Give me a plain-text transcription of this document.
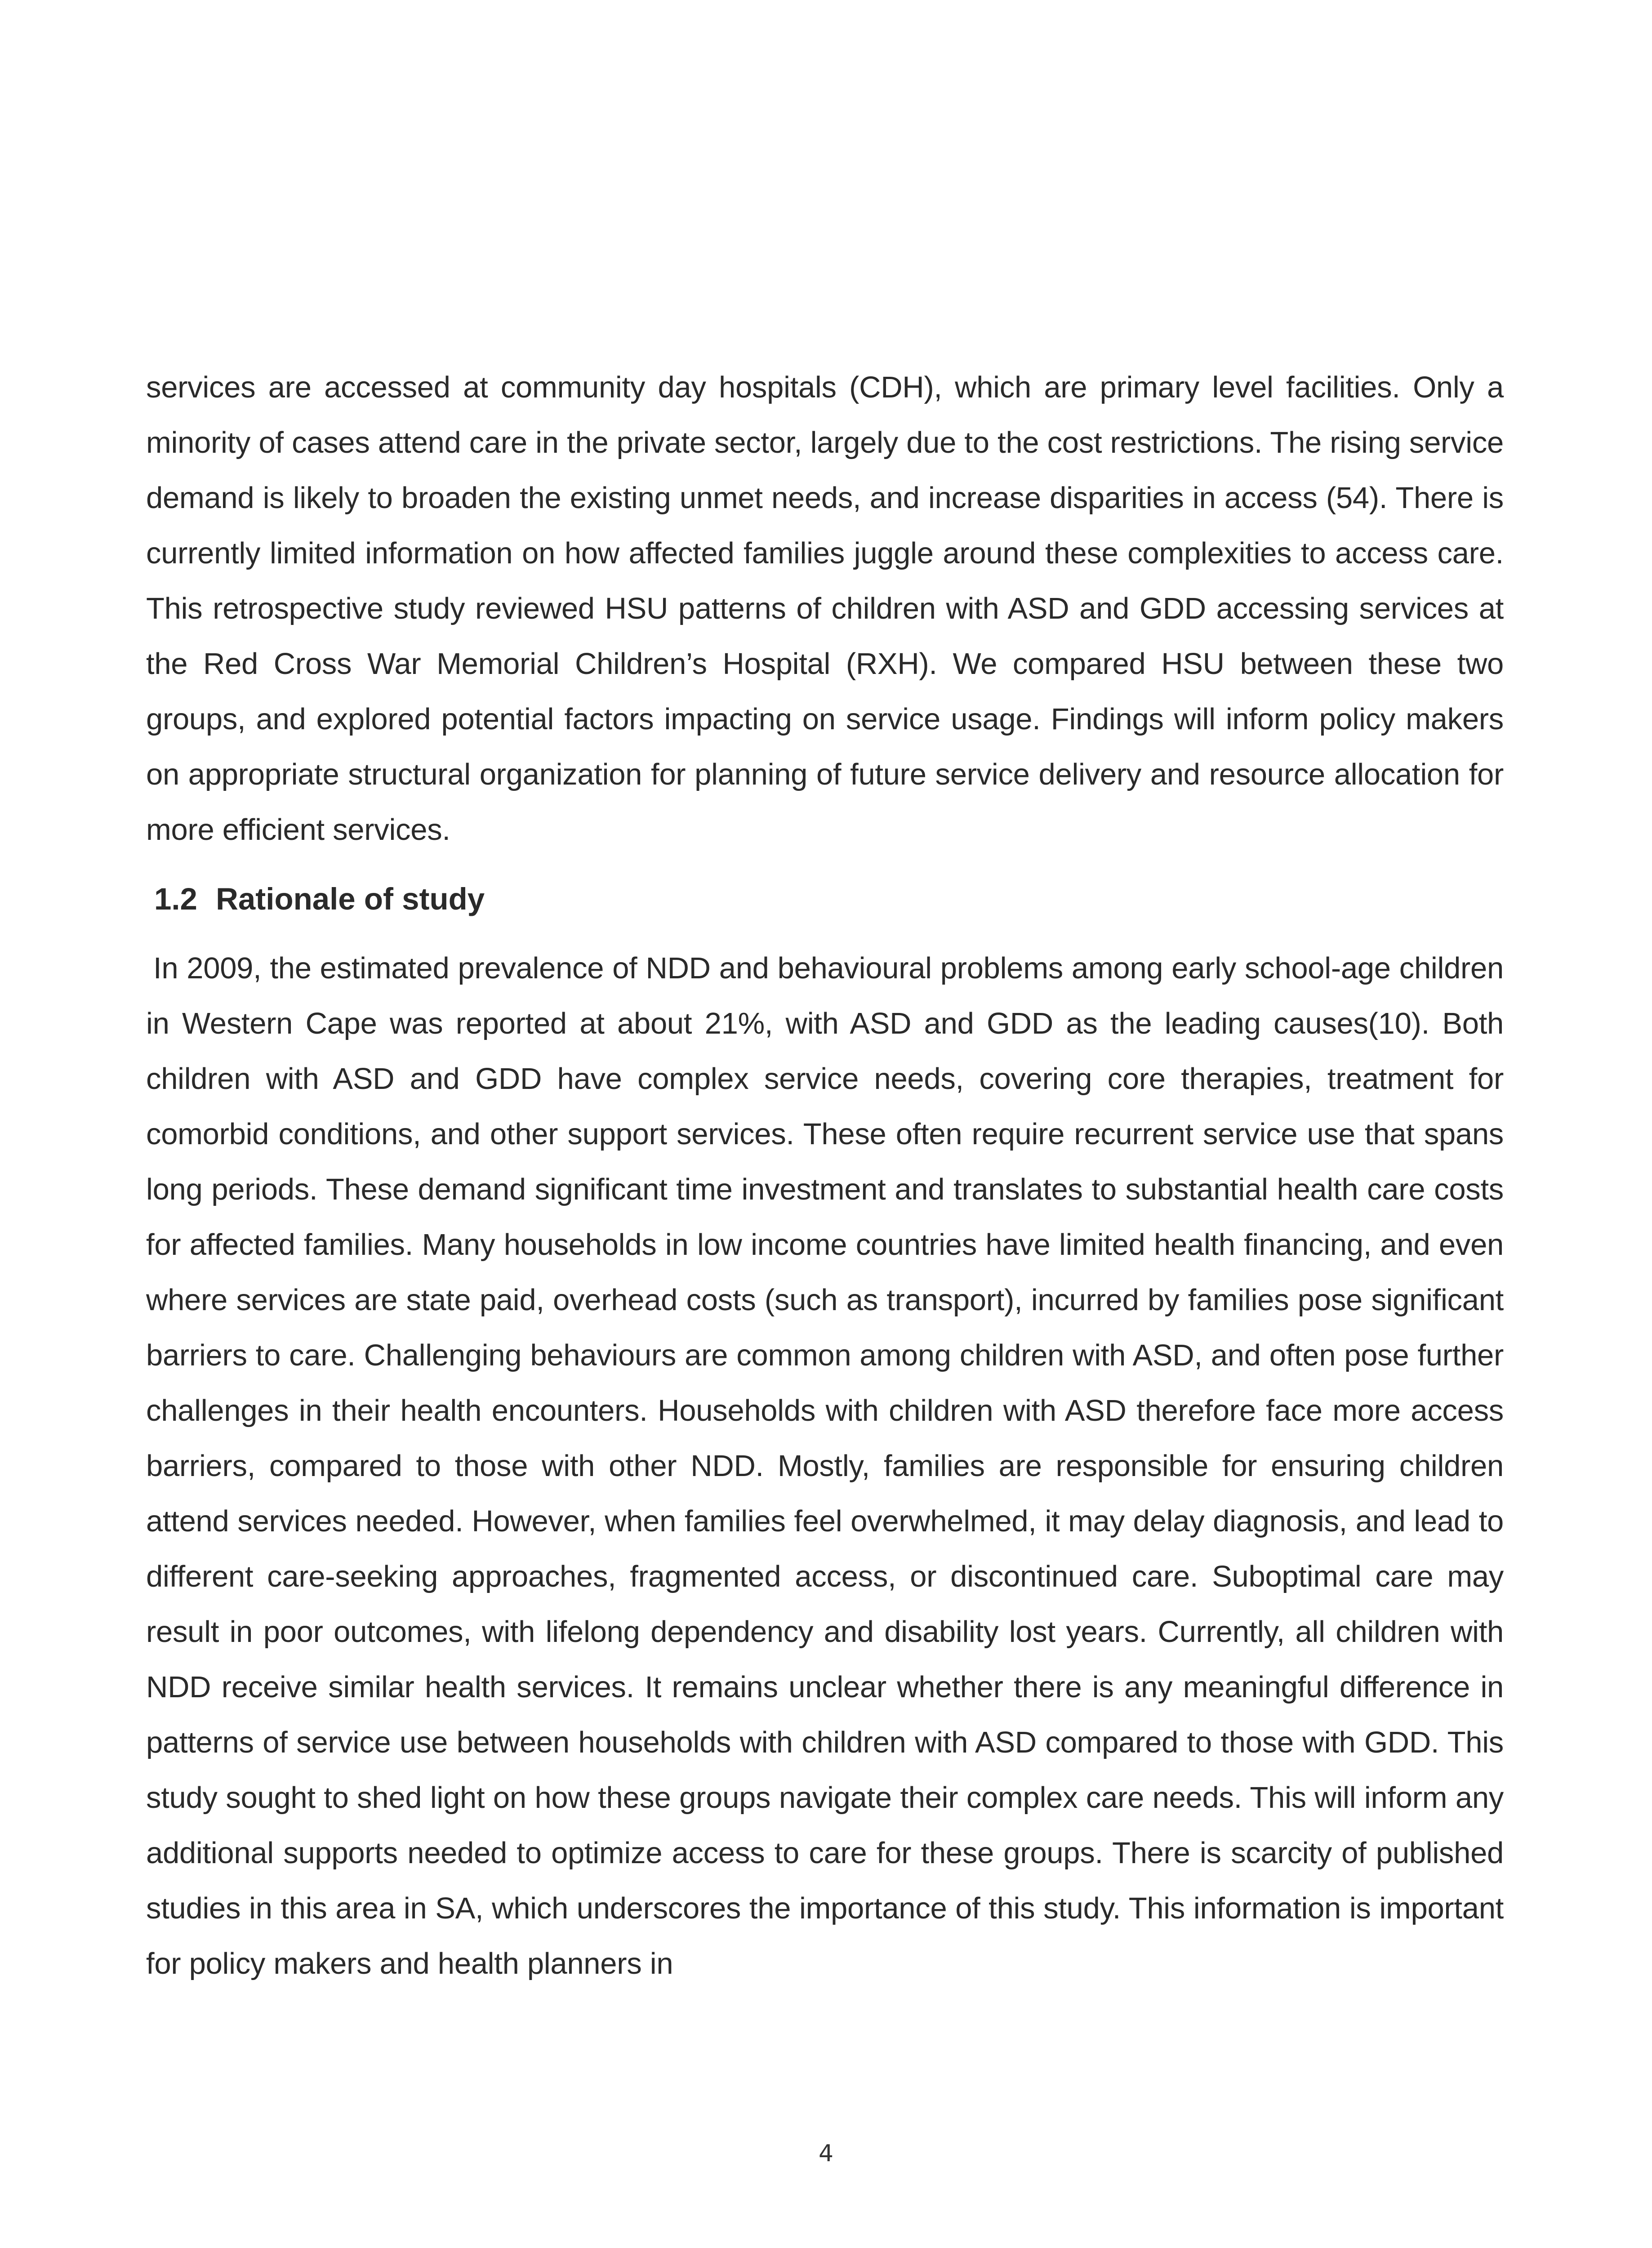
services are accessed at community day hospitals (CDH), which are primary level facilities. Only a minority of cases attend care in the private sector, largely due to the cost restrictions. The rising service demand is likely to broaden the existing unmet needs, and increase disparities in access (54). There is currently limited information on how affected families juggle around these complexities to access care. This retrospective study reviewed HSU patterns of children with ASD and GDD accessing services at the Red Cross War Memorial Children’s Hospital (RXH). We compared HSU between these two groups, and explored potential factors impacting on service usage. Findings will inform policy makers on appropriate structural organization for planning of future service delivery and resource allocation for more efficient services.

1.2 Rationale of study

In 2009, the estimated prevalence of NDD and behavioural problems among early school-age children in Western Cape was reported at about 21%, with ASD and GDD as the leading causes(10). Both children with ASD and GDD have complex service needs, covering core therapies, treatment for comorbid conditions, and other support services. These often require recurrent service use that spans long periods. These demand significant time investment and translates to substantial health care costs for affected families. Many households in low income countries have limited health financing, and even where services are state paid, overhead costs (such as transport), incurred by families pose significant barriers to care. Challenging behaviours are common among children with ASD, and often pose further challenges in their health encounters. Households with children with ASD therefore face more access barriers, compared to those with other NDD. Mostly, families are responsible for ensuring children attend services needed. However, when families feel overwhelmed, it may delay diagnosis, and lead to different care-seeking approaches, fragmented access, or discontinued care. Suboptimal care may result in poor outcomes, with lifelong dependency and disability lost years. Currently, all children with NDD receive similar health services. It remains unclear whether there is any meaningful difference in patterns of service use between households with children with ASD compared to those with GDD. This study sought to shed light on how these groups navigate their complex care needs. This will inform any additional supports needed to optimize access to care for these groups. There is scarcity of published studies in this area in SA, which underscores the importance of this study. This information is important for policy makers and health planners in

4
